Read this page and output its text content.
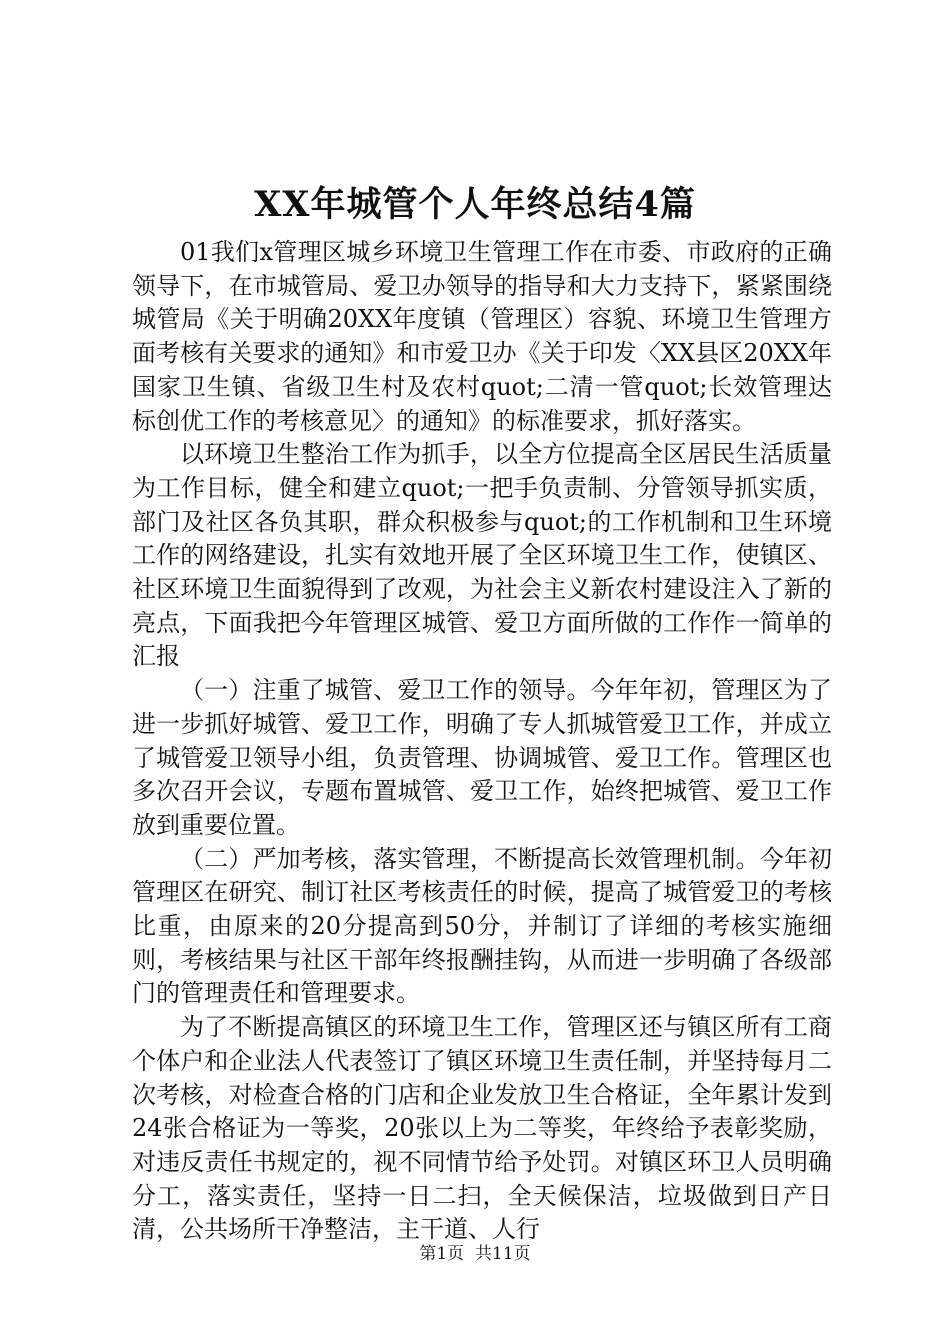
XX年城管个人年终总结4篇

01我们x管理区城乡环境卫生管理工作在市委、市政府的正确领导下，在市城管局、爱卫办领导的指导和大力支持下，紧紧围绕城管局《关于明确20XX年度镇（管理区）容貌、环境卫生管理方面考核有关要求的通知》和市爱卫办《关于印发〈XX县区20XX年国家卫生镇、省级卫生村及农村quot;二清一管quot;长效管理达标创优工作的考核意见〉的通知》的标准要求，抓好落实。

以环境卫生整治工作为抓手，以全方位提高全区居民生活质量为工作目标，健全和建立quot;一把手负责制、分管领导抓实质，部门及社区各负其职，群众积极参与quot;的工作机制和卫生环境工作的网络建设，扎实有效地开展了全区环境卫生工作，使镇区、社区环境卫生面貌得到了改观，为社会主义新农村建设注入了新的亮点，下面我把今年管理区城管、爱卫方面所做的工作作一简单的汇报

（一）注重了城管、爱卫工作的领导。今年年初，管理区为了进一步抓好城管、爱卫工作，明确了专人抓城管爱卫工作，并成立了城管爱卫领导小组，负责管理、协调城管、爱卫工作。管理区也多次召开会议，专题布置城管、爱卫工作，始终把城管、爱卫工作放到重要位置。

（二）严加考核，落实管理，不断提高长效管理机制。今年初管理区在研究、制订社区考核责任的时候，提高了城管爱卫的考核比重，由原来的20分提高到50分，并制订了详细的考核实施细则，考核结果与社区干部年终报酬挂钩，从而进一步明确了各级部门的管理责任和管理要求。

为了不断提高镇区的环境卫生工作，管理区还与镇区所有工商个体户和企业法人代表签订了镇区环境卫生责任制，并坚持每月二次考核，对检查合格的门店和企业发放卫生合格证，全年累计发到24张合格证为一等奖，20张以上为二等奖，年终给予表彰奖励，对违反责任书规定的，视不同情节给予处罚。对镇区环卫人员明确分工，落实责任，坚持一日二扫，全天候保洁，垃圾做到日产日清，公共场所干净整洁，主干道、人行

第1页 共11页
